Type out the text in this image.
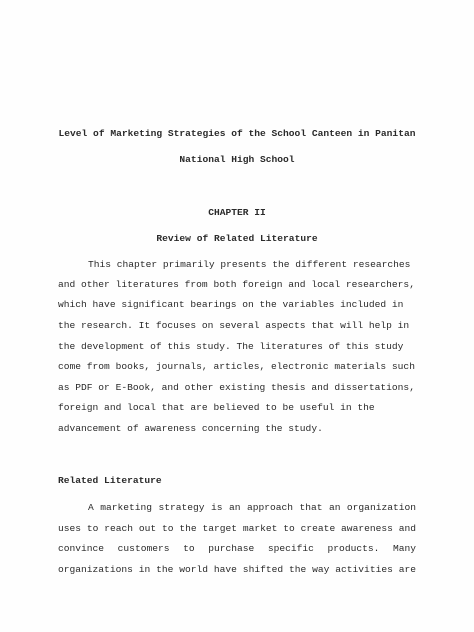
Level of Marketing Strategies of the School Canteen in Panitan
National High School
CHAPTER II
Review of Related Literature
This chapter primarily presents the different researches
and other literatures from both foreign and local researchers,
which have significant bearings on the variables included in
the research. It focuses on several aspects that will help in
the development of this study. The literatures of this study
come from books, journals, articles, electronic materials such
as PDF or E-Book, and other existing thesis and dissertations,
foreign and local that are believed to be useful in the
advancement of awareness concerning the study.
Related Literature
A marketing strategy is an approach that an organization
uses to reach out to the target market to create awareness and
convince customers to purchase specific products. Many
organizations in the world have shifted the way activities are
